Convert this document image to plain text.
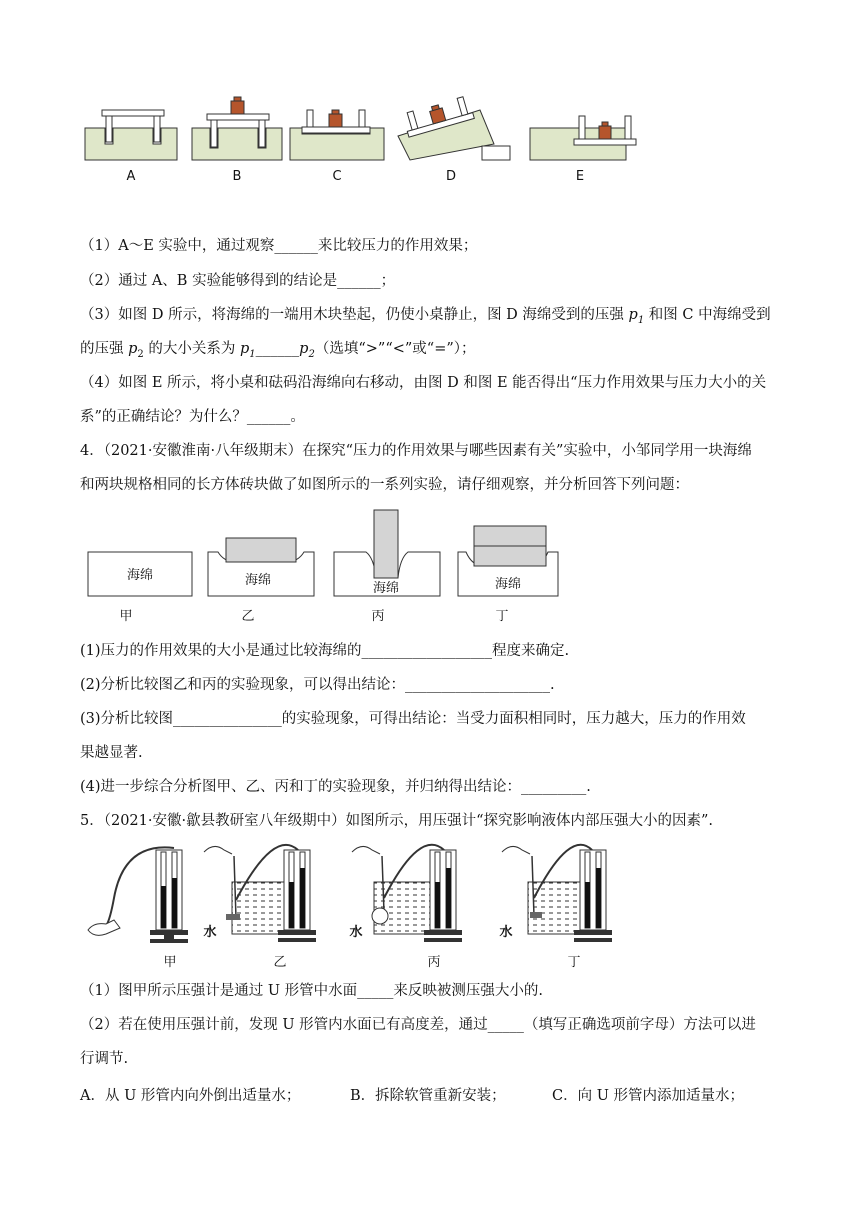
A	B	C	D	E
（1）A～E 实验中，通过观察______来比较压力的作用效果；
（2）通过 A、B 实验能够得到的结论是______；
（3）如图 D 所示，将海绵的一端用木块垫起，仍使小桌静止，图 D 海绵受到的压强 $p_1$ 和图 C 中海绵受到
的压强 $p_2$ 的大小关系为 $p_1\_\_\_\_\_\_p_2$（选填“>”“<”或“=”）；
（4）如图 E 所示，将小桌和砝码沿海绵向右移动，由图 D 和图 E 能否得出“压力作用效果与压力大小的关
系”的正确结论？为什么？______。
4．（2021·安徽淮南·八年级期末）在探究“压力的作用效果与哪些因素有关”实验中，小邹同学用一块海绵
和两块规格相同的长方体砖块做了如图所示的一系列实验，请仔细观察，并分析回答下列问题：
海绵
甲
海绵
乙
海绵
丙
海绵
丁
(1)压力的作用效果的大小是通过比较海绵的__________________程度来确定.
(2)分析比较图乙和丙的实验现象，可以得出结论：____________________.
(3)分析比较图_______________的实验现象，可得出结论：当受力面积相同时，压力越大，压力的作用效
果越显著.
(4)进一步综合分析图甲、乙、丙和丁的实验现象，并归纳得出结论：_________.
5．（2021·安徽·歙县教研室八年级期中）如图所示，用压强计“探究影响液体内部压强大小的因素”.
甲
水
乙
水
丙
水
丁
（1）图甲所示压强计是通过 U 形管中水面_____来反映被测压强大小的.
（2）若在使用压强计前，发现 U 形管内水面已有高度差，通过_____（填写正确选项前字母）方法可以进
行调节.
A．从 U 形管内向外倒出适量水；	B．拆除软管重新安装；	C．向 U 形管内添加适量水；
